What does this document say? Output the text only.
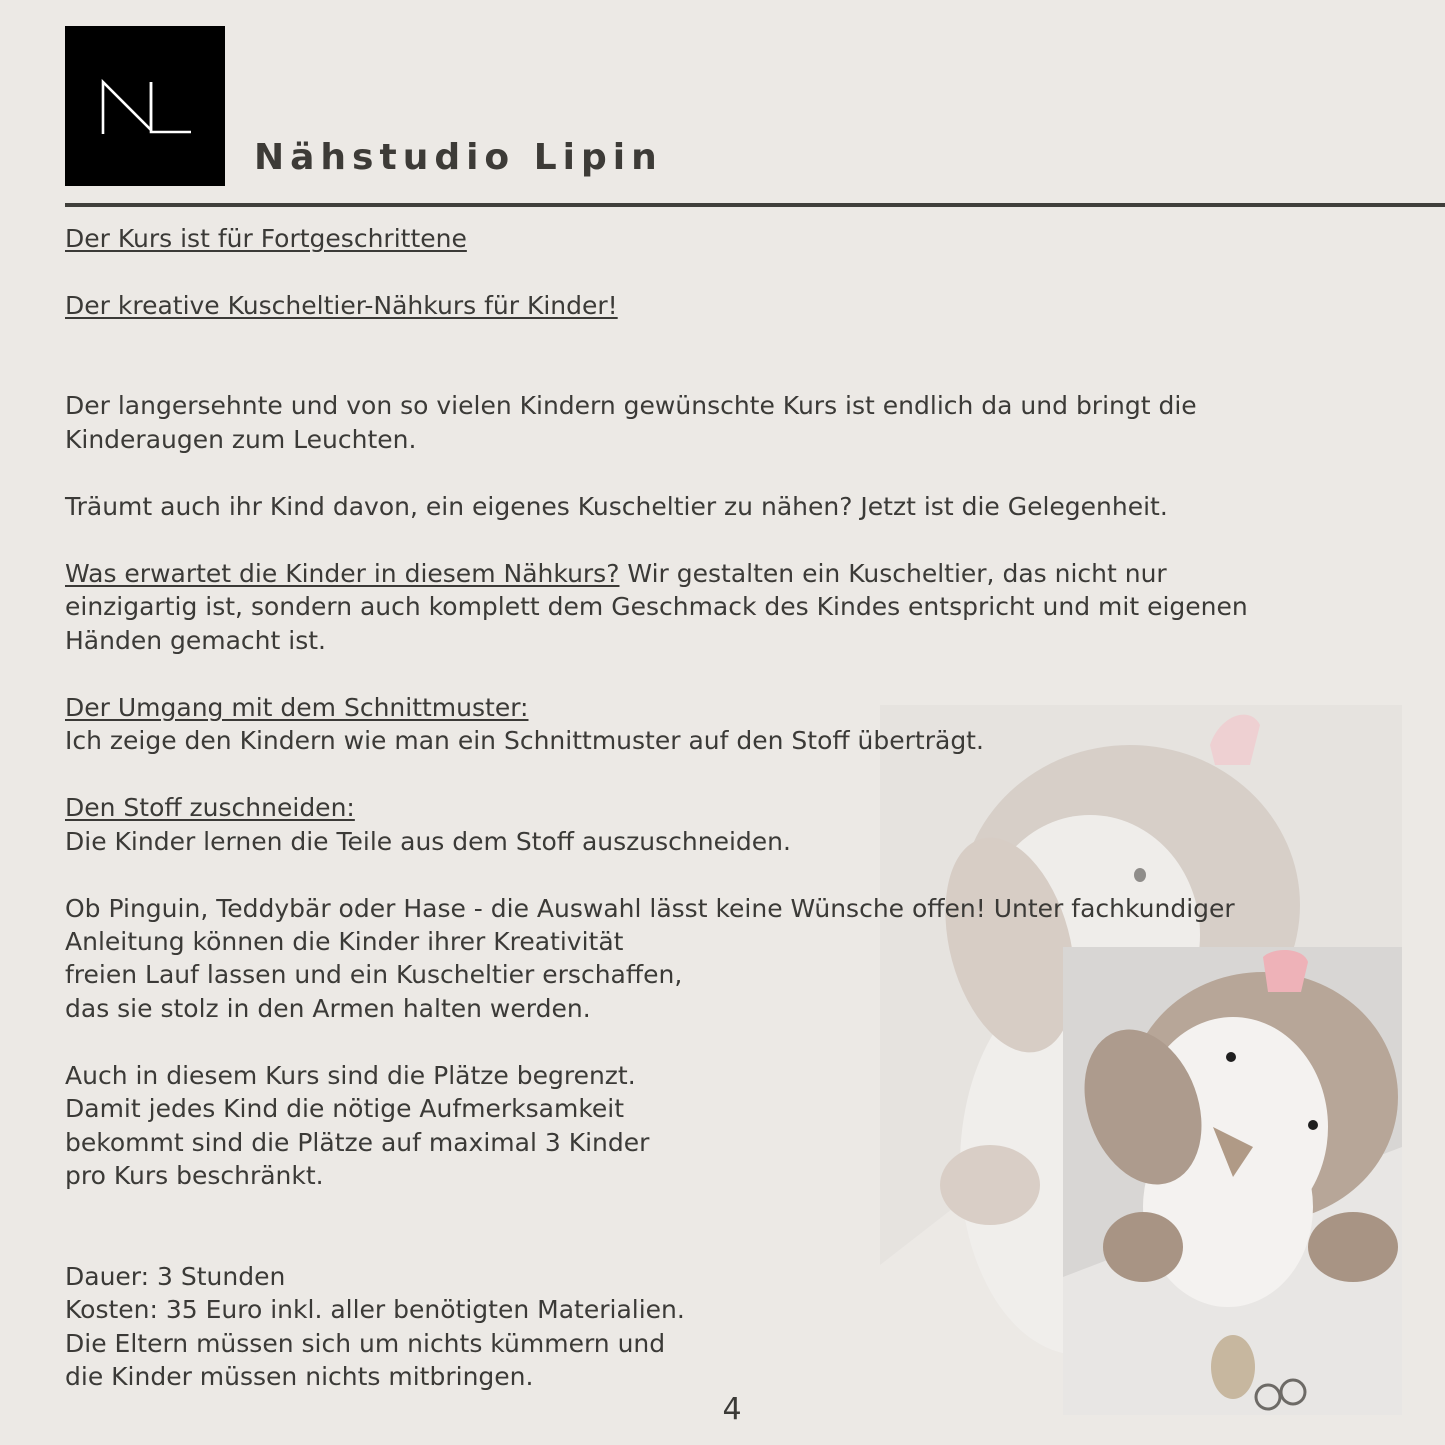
Nähstudio Lipin

Der Kurs ist für Fortgeschrittene

Der kreative Kuscheltier-Nähkurs für Kinder!

Der langersehnte und von so vielen Kindern gewünschte Kurs ist endlich da und bringt die

Kinderaugen zum Leuchten.

Träumt auch ihr Kind davon, ein eigenes Kuscheltier zu nähen? Jetzt ist die Gelegenheit.

Was erwartet die Kinder in diesem Nähkurs? Wir gestalten ein Kuscheltier, das nicht nur

einzigartig ist, sondern auch komplett dem Geschmack des Kindes entspricht und mit eigenen

Händen gemacht ist.

Der Umgang mit dem Schnittmuster:

Ich zeige den Kindern wie man ein Schnittmuster auf den Stoff überträgt.

Den Stoff zuschneiden:

Die Kinder lernen die Teile aus dem Stoff auszuschneiden.

Ob Pinguin, Teddybär oder Hase - die Auswahl lässt keine Wünsche offen! Unter fachkundiger

Anleitung können die Kinder ihrer Kreativität

freien Lauf lassen und ein Kuscheltier erschaffen,

das sie stolz in den Armen halten werden.

Auch in diesem Kurs sind die Plätze begrenzt.

Damit jedes Kind die nötige Aufmerksamkeit

bekommt sind die Plätze auf maximal 3 Kinder

pro Kurs beschränkt.

Dauer: 3 Stunden

Kosten: 35 Euro inkl. aller benötigten Materialien.

Die Eltern müssen sich um nichts kümmern und

die Kinder müssen nichts mitbringen.

4
